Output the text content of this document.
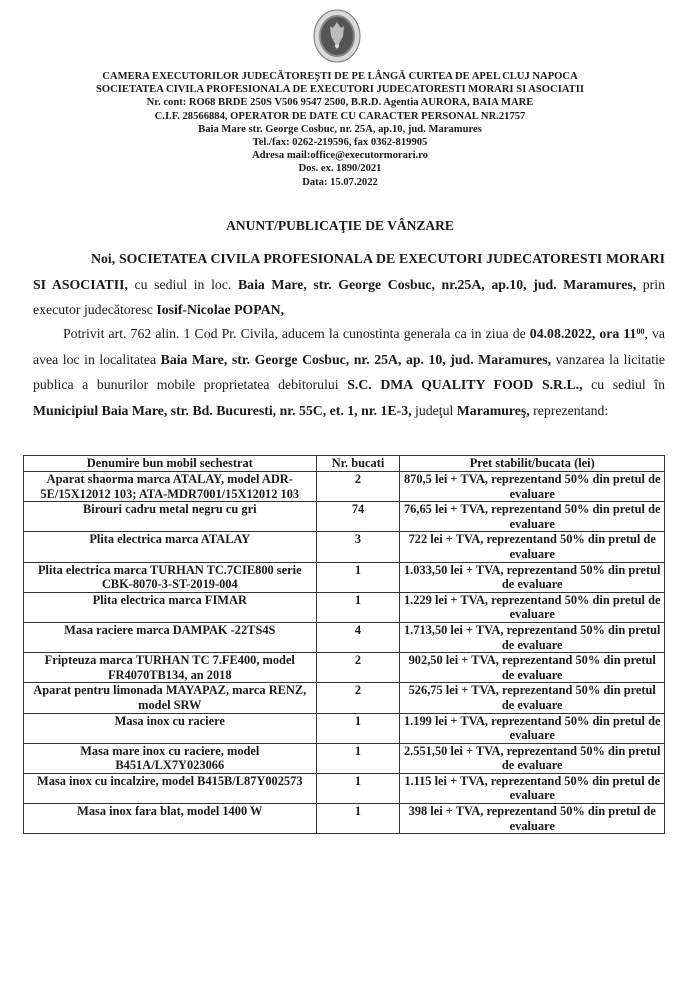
CAMERA EXECUTORILOR JUDECĂTOREŞTI DE PE LÂNGĂ CURTEA DE APEL CLUJ NAPOCA
SOCIETATEA CIVILA PROFESIONALA DE EXECUTORI JUDECATORESTI MORARI SI ASOCIATII
Nr. cont: RO68 BRDE 250S V506 9547 2500, B.R.D. Agentia AURORA, BAIA MARE
C.I.F. 28566884, OPERATOR DE DATE CU CARACTER PERSONAL NR.21757
Baia Mare str. George Cosbuc, nr. 25A, ap.10, jud. Maramures
Tel./fax: 0262-219596, fax 0362-819905
Adresa mail:office@executormorari.ro
Dos. ex. 1890/2021
Data: 15.07.2022
ANUNT/PUBLICAŢIE DE VÂNZARE
Noi, SOCIETATEA CIVILA PROFESIONALA DE EXECUTORI JUDECATORESTI MORARI SI ASOCIATII, cu sediul in loc. Baia Mare, str. George Cosbuc, nr.25A, ap.10, jud. Maramures, prin executor judecătoresc Iosif-Nicolae POPAN,
Potrivit art. 762 alin. 1 Cod Pr. Civila, aducem la cunostinta generala ca in ziua de 04.08.2022, ora $11^{00}$, va avea loc in localitatea Baia Mare, str. George Cosbuc, nr. 25A, ap. 10, jud. Maramures, vanzarea la licitatie publica a bunurilor mobile proprietatea debitorului S.C. DMA QUALITY FOOD S.R.L., cu sediul în Municipiul Baia Mare, str. Bd. Bucuresti, nr. 55C, et. 1, nr. 1E-3, judeţul Maramureş, reprezentand:
Denumire bun mobil sechestrat	Nr. bucati	Pret stabilit/bucata (lei)
Aparat shaorma marca ATALAY, model ADR-5E/15X12012 103; ATA-MDR7001/15X12012 103	2	870,5 lei + TVA, reprezentand 50% din pretul de evaluare
Birouri cadru metal negru cu gri	74	76,65 lei + TVA, reprezentand 50% din pretul de evaluare
Plita electrica marca ATALAY	3	722 lei + TVA, reprezentand 50% din pretul de evaluare
Plita electrica marca TURHAN TC.7CIE800 serie CBK-8070-3-ST-2019-004	1	1.033,50 lei + TVA, reprezentand 50% din pretul de evaluare
Plita electrica marca FIMAR	1	1.229 lei + TVA, reprezentand 50% din pretul de evaluare
Masa raciere marca DAMPAK -22TS4S	4	1.713,50 lei + TVA, reprezentand 50% din pretul de evaluare
Fripteuza marca TURHAN TC 7.FE400, model FR4070TB134, an 2018	2	902,50 lei + TVA, reprezentand 50% din pretul de evaluare
Aparat pentru limonada MAYAPAZ, marca RENZ, model SRW	2	526,75 lei + TVA, reprezentand 50% din pretul de evaluare
Masa inox cu raciere	1	1.199 lei + TVA, reprezentand 50% din pretul de evaluare
Masa mare inox cu raciere, model B451A/LX7Y023066	1	2.551,50 lei + TVA, reprezentand 50% din pretul de evaluare
Masa inox cu incalzire, model B415B/L87Y002573	1	1.115 lei + TVA, reprezentand 50% din pretul de evaluare
Masa inox fara blat, model 1400 W	1	398 lei + TVA, reprezentand 50% din pretul de evaluare
